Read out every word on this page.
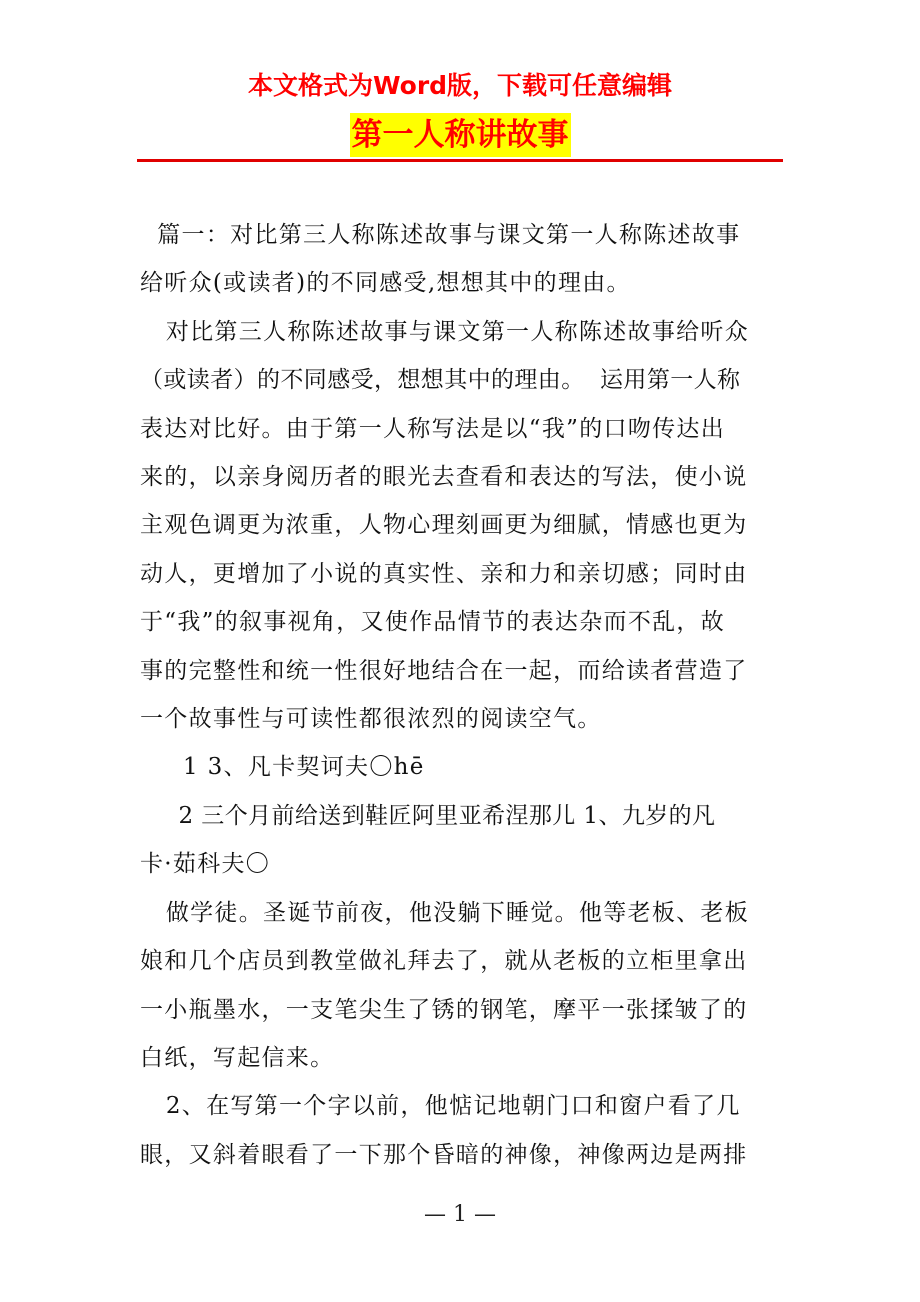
本文格式为Word版，下载可任意编辑
第一人称讲故事

篇一：对比第三人称陈述故事与课文第一人称陈述故事

给听众(或读者)的不同感受,想想其中的理由。

对比第三人称陈述故事与课文第一人称陈述故事给听众

（或读者）的不同感受，想想其中的理由。  运用第一人称

表达对比好。由于第一人称写法是以“我”的口吻传达出

来的，以亲身阅历者的眼光去查看和表达的写法，使小说

主观色调更为浓重，人物心理刻画更为细腻，情感也更为

动人，更增加了小说的真实性、亲和力和亲切感；同时由

于“我”的叙事视角，又使作品情节的表达杂而不乱，故

事的完整性和统一性很好地结合在一起，而给读者营造了

一个故事性与可读性都很浓烈的阅读空气。

1 3、凡卡契诃夫〇hē

2 三个月前给送到鞋匠阿里亚希涅那儿 1、九岁的凡

卡·茹科夫〇

做学徒。圣诞节前夜，他没躺下睡觉。他等老板、老板

娘和几个店员到教堂做礼拜去了，就从老板的立柜里拿出

一小瓶墨水，一支笔尖生了锈的钢笔，摩平一张揉皱了的

白纸，写起信来。

2、在写第一个字以前，他惦记地朝门口和窗户看了几

眼，又斜着眼看了一下那个昏暗的神像，神像两边是两排

— 1 —
